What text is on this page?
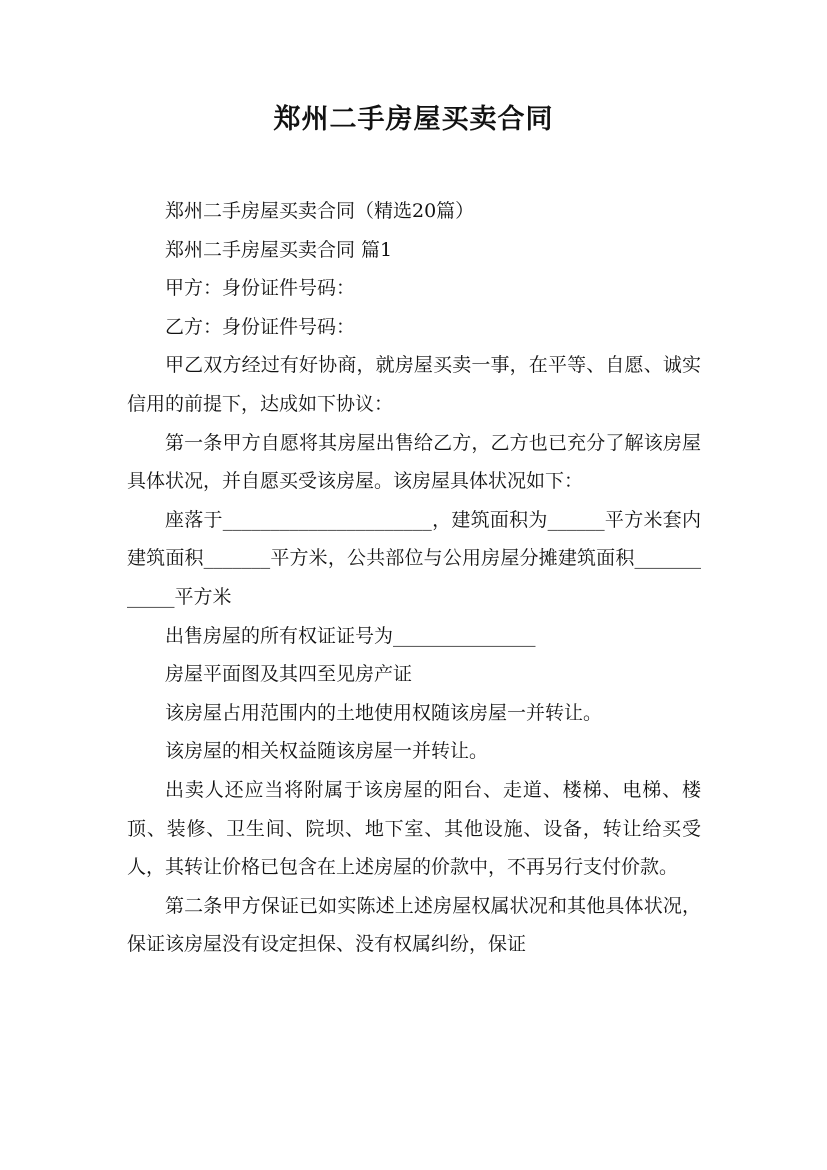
郑州二手房屋买卖合同

郑州二手房屋买卖合同（精选20篇）

郑州二手房屋买卖合同 篇1

甲方：身份证件号码：

乙方：身份证件号码：

甲乙双方经过有好协商，就房屋买卖一事，在平等、自愿、诚实信用的前提下，达成如下协议：

第一条甲方自愿将其房屋出售给乙方，乙方也已充分了解该房屋具体状况，并自愿买受该房屋。该房屋具体状况如下：

座落于______________________，建筑面积为______平方米套内建筑面积_______平方米，公共部位与公用房屋分摊建筑面积____________平方米

出售房屋的所有权证证号为_______________

房屋平面图及其四至见房产证

该房屋占用范围内的土地使用权随该房屋一并转让。

该房屋的相关权益随该房屋一并转让。

出卖人还应当将附属于该房屋的阳台、走道、楼梯、电梯、楼顶、装修、卫生间、院坝、地下室、其他设施、设备，转让给买受人，其转让价格已包含在上述房屋的价款中，不再另行支付价款。

第二条甲方保证已如实陈述上述房屋权属状况和其他具体状况，保证该房屋没有设定担保、没有权属纠纷，保证
